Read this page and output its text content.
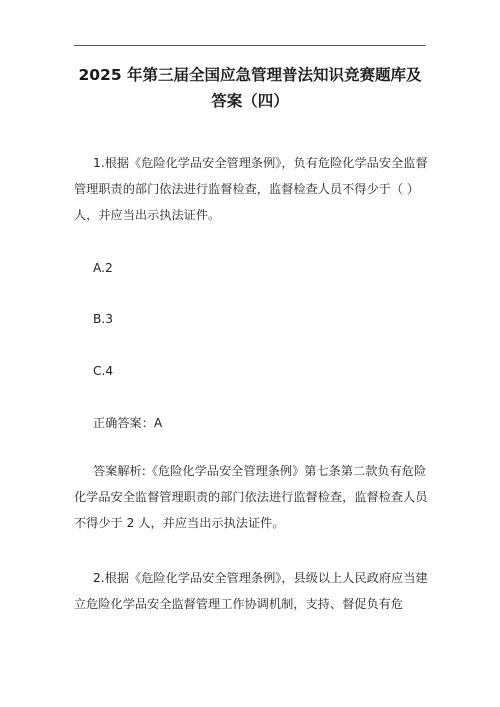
2025 年第三届全国应急管理普法知识竞赛题库及
答案（四）
1.根据《危险化学品安全管理条例》，负有危险化学品安全监督管理职责的部门依法进行监督检查，监督检查人员不得少于（ ）人，并应当出示执法证件。
A.2
B.3
C.4
正确答案：A
答案解析:《危险化学品安全管理条例》第七条第二款负有危险化学品安全监督管理职责的部门依法进行监督检查，监督检查人员不得少于 2 人，并应当出示执法证件。
2.根据《危险化学品安全管理条例》，县级以上人民政府应当建立危险化学品安全监督管理工作协调机制，支持、督促负有危
